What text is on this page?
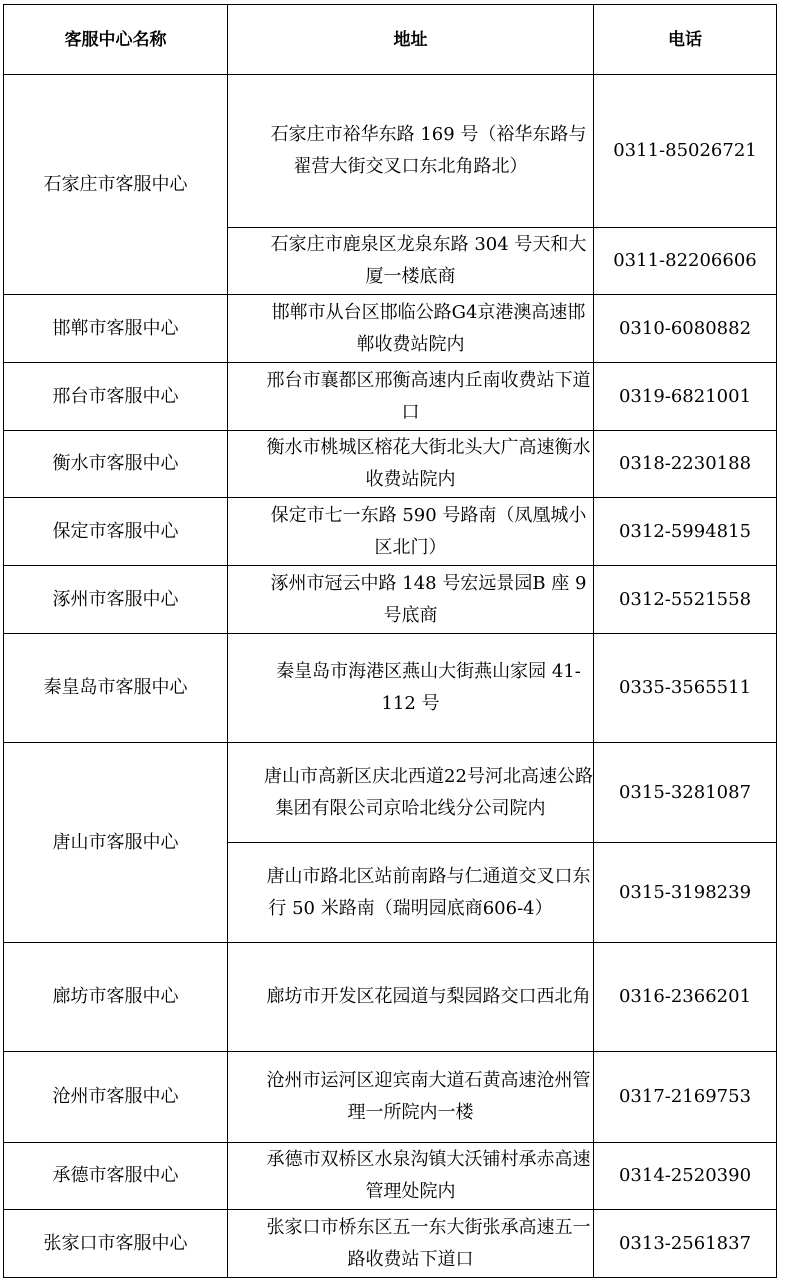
客服中心名称	地址	电话
石家庄市客服中心	石家庄市裕华东路 169 号（裕华东路与翟营大街交叉口东北角路北）	0311-85026721

	石家庄市鹿泉区龙泉东路 304 号天和大厦一楼底商	0311-82206606
邯郸市客服中心	邯郸市从台区邯临公路G4京港澳高速邯郸收费站院内	0310-6080882
邢台市客服中心	邢台市襄都区邢衡高速内丘南收费站下道口	0319-6821001
衡水市客服中心	衡水市桃城区榕花大街北头大广高速衡水收费站院内	0318-2230188
保定市客服中心	保定市七一东路 590 号路南（凤凰城小区北门）	0312-5994815
涿州市客服中心	涿州市冠云中路 148 号宏远景园B 座 9 号底商	0312-5521558
秦皇岛市客服中心	秦皇岛市海港区燕山大街燕山家园 41-112 号	0335-3565511
唐山市客服中心	唐山市高新区庆北西道22号河北高速公路集团有限公司京哈北线分公司院内	0315-3281087

	唐山市路北区站前南路与仁通道交叉口东行 50 米路南（瑞明园底商606-4）	0315-3198239
廊坊市客服中心	廊坊市开发区花园道与梨园路交口西北角	0316-2366201
沧州市客服中心	沧州市运河区迎宾南大道石黄高速沧州管理一所院内一楼	0317-2169753
承德市客服中心	承德市双桥区水泉沟镇大沃铺村承赤高速管理处院内	0314-2520390
张家口市客服中心	张家口市桥东区五一东大街张承高速五一路收费站下道口	0313-2561837
